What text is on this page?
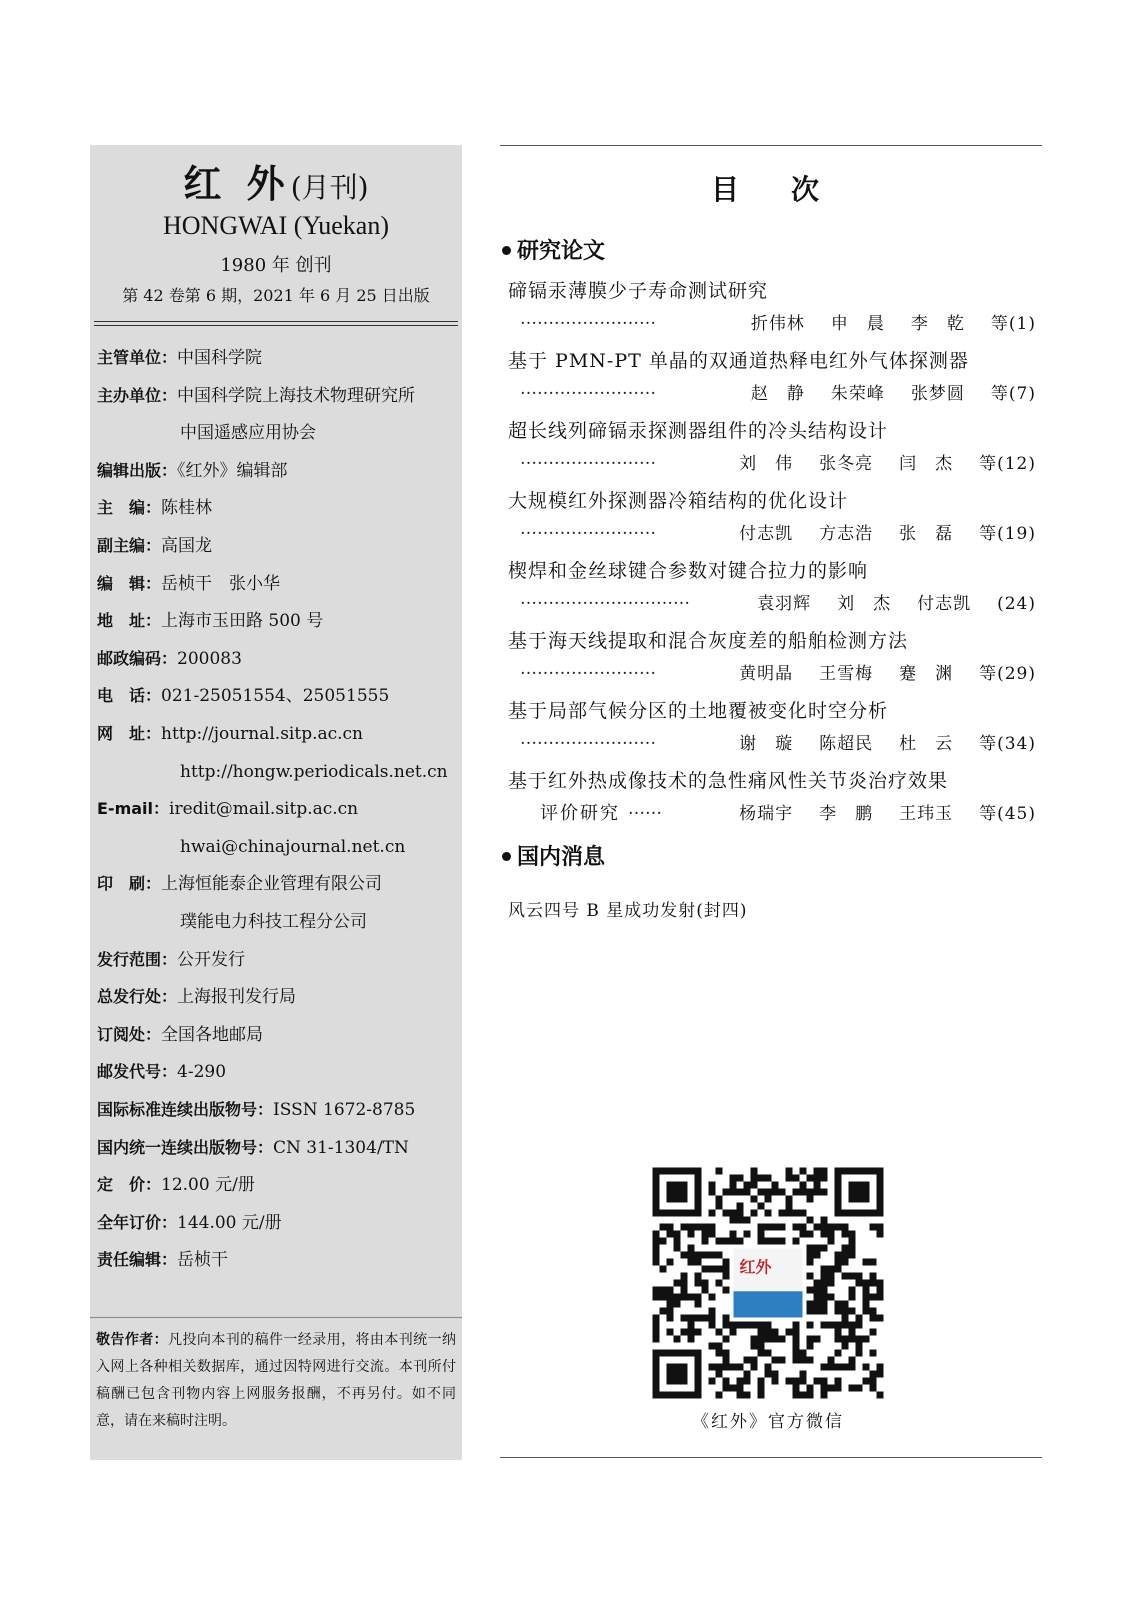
红 外(月刊)
HONGWAI (Yuekan)
1980 年 创刊
第 42 卷第 6 期，2021 年 6 月 25 日出版
主管单位：中国科学院
主办单位：中国科学院上海技术物理研究所
中国遥感应用协会
编辑出版：《红外》编辑部
主　编：陈桂林
副主编：高国龙
编　辑：岳桢干　张小华
地　址：上海市玉田路 500 号
邮政编码：200083
电　话：021-25051554、25051555
网　址：http://journal.sitp.ac.cn
http://hongw.periodicals.net.cn
E-mail：iredit@mail.sitp.ac.cn
hwai@chinajournal.net.cn
印　刷：上海恒能泰企业管理有限公司
璞能电力科技工程分公司
发行范围：公开发行
总发行处：上海报刊发行局
订阅处：全国各地邮局
邮发代号：4-290
国际标准连续出版物号：ISSN 1672-8785
国内统一连续出版物号：CN 31-1304/TN
定　价：12.00 元/册
全年订价：144.00 元/册
责任编辑：岳桢干
敬告作者：凡投向本刊的稿件一经录用，将由本刊统一纳入网上各种相关数据库，通过因特网进行交流。本刊所付稿酬已包含刊物内容上网服务报酬，不再另付。如不同意，请在来稿时注明。
目　次
研究论文
碲镉汞薄膜少子寿命测试研究
……………………	折伟林 申　晨 李　乾 等(1)
基于 PMN-PT 单晶的双通道热释电红外气体探测器
……………………	赵　静 朱荣峰 张梦圆 等(7)
超长线列碲镉汞探测器组件的冷头结构设计
……………………	刘　伟 张冬亮 闫　杰 等(12)
大规模红外探测器冷箱结构的优化设计
……………………	付志凯 方志浩 张　磊 等(19)
楔焊和金丝球键合参数对键合拉力的影响
…………………………	袁羽辉 刘　杰 付志凯 (24)
基于海天线提取和混合灰度差的船舶检测方法
……………………	黄明晶 王雪梅 蹇　渊 等(29)
基于局部气候分区的土地覆被变化时空分析
……………………	谢　璇 陈超民 杜　云 等(34)
基于红外热成像技术的急性痛风性关节炎治疗效果
评价研究 ……	杨瑞宇 李　鹏 王玮玉 等(45)
国内消息
风云四号 B 星成功发射(封四)
红外
《红外》官方微信
